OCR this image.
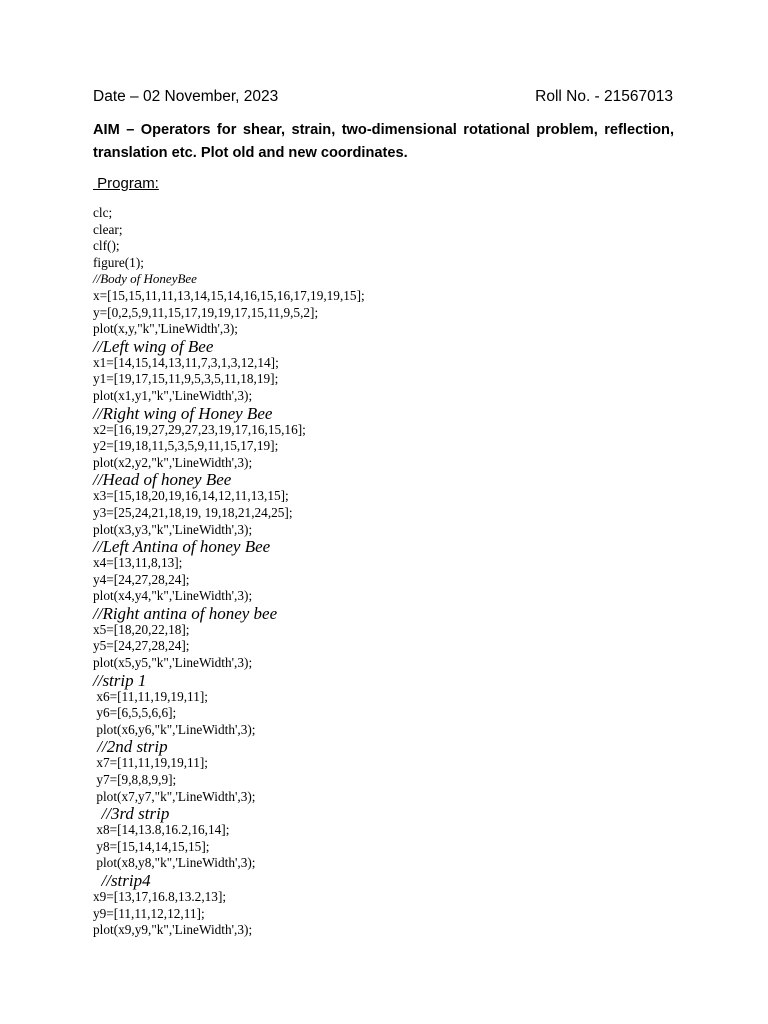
Date – 02 November, 2023	Roll No. - 21567013
AIM – Operators for shear, strain, two-dimensional rotational problem, reflection, translation etc. Plot old and new coordinates.
Program:
clc;
clear;
clf();
figure(1);
//Body of HoneyBee
x=[15,15,11,11,13,14,15,14,16,15,16,17,19,19,15];
y=[0,2,5,9,11,15,17,19,19,17,15,11,9,5,2];
plot(x,y,"k",'LineWidth',3);
//Left wing of Bee
x1=[14,15,14,13,11,7,3,1,3,12,14];
y1=[19,17,15,11,9,5,3,5,11,18,19];
plot(x1,y1,"k",'LineWidth',3);
//Right wing of Honey Bee
x2=[16,19,27,29,27,23,19,17,16,15,16];
y2=[19,18,11,5,3,5,9,11,15,17,19];
plot(x2,y2,"k",'LineWidth',3);
//Head of honey Bee
x3=[15,18,20,19,16,14,12,11,13,15];
y3=[25,24,21,18,19, 19,18,21,24,25];
plot(x3,y3,"k",'LineWidth',3);
//Left Antina of honey Bee
x4=[13,11,8,13];
y4=[24,27,28,24];
plot(x4,y4,"k",'LineWidth',3);
//Right antina of honey bee
x5=[18,20,22,18];
y5=[24,27,28,24];
plot(x5,y5,"k",'LineWidth',3);
//strip 1
x6=[11,11,19,19,11];
y6=[6,5,5,6,6];
plot(x6,y6,"k",'LineWidth',3);
//2nd strip
x7=[11,11,19,19,11];
y7=[9,8,8,9,9];
plot(x7,y7,"k",'LineWidth',3);
//3rd strip
x8=[14,13.8,16.2,16,14];
y8=[15,14,14,15,15];
plot(x8,y8,"k",'LineWidth',3);
//strip4
x9=[13,17,16.8,13.2,13];
y9=[11,11,12,12,11];
plot(x9,y9,"k",'LineWidth',3);
